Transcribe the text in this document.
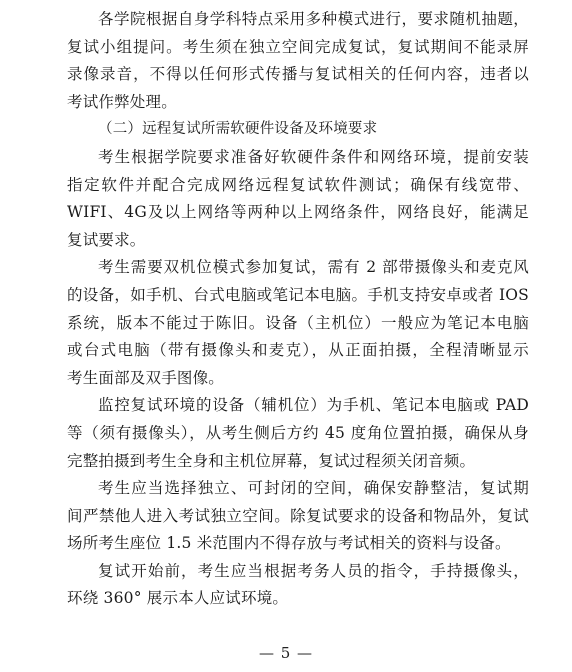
各学院根据自身学科特点采用多种模式进行，要求随机抽题，
复试小组提问。考生须在独立空间完成复试，复试期间不能录屏
录像录音，不得以任何形式传播与复试相关的任何内容，违者以
考试作弊处理。
（二）远程复试所需软硬件设备及环境要求
考生根据学院要求准备好软硬件条件和网络环境，提前安装
指定软件并配合完成网络远程复试软件测试；确保有线宽带、
WIFI、4G及以上网络等两种以上网络条件，网络良好，能满足
复试要求。
考生需要双机位模式参加复试，需有 2 部带摄像头和麦克风
的设备，如手机、台式电脑或笔记本电脑。手机支持安卓或者 IOS
系统，版本不能过于陈旧。设备（主机位）一般应为笔记本电脑
或台式电脑（带有摄像头和麦克），从正面拍摄，全程清晰显示
考生面部及双手图像。
监控复试环境的设备（辅机位）为手机、笔记本电脑或 PAD
等（须有摄像头），从考生侧后方约 45 度角位置拍摄，确保从身
完整拍摄到考生全身和主机位屏幕，复试过程须关闭音频。
考生应当选择独立、可封闭的空间，确保安静整洁，复试期
间严禁他人进入考试独立空间。除复试要求的设备和物品外，复试
场所考生座位 1.5 米范围内不得存放与考试相关的资料与设备。
复试开始前，考生应当根据考务人员的指令，手持摄像头，
环绕 360° 展示本人应试环境。
— 5 —
